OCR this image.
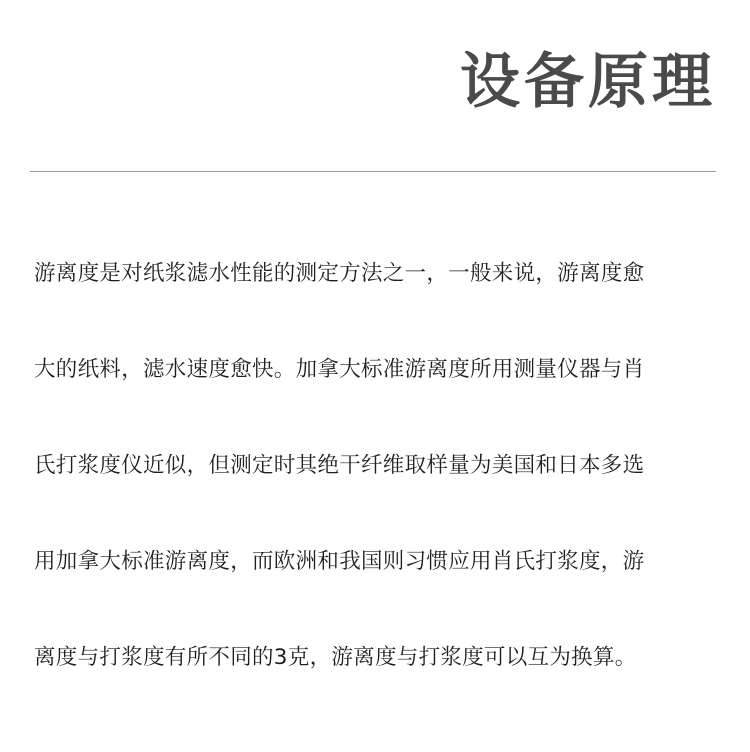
设备原理
游离度是对纸浆滤水性能的测定方法之一，一般来说，游离度愈
大的纸料，滤水速度愈快。加拿大标准游离度所用测量仪器与肖
氏打浆度仪近似，但测定时其绝干纤维取样量为美国和日本多选
用加拿大标准游离度，而欧洲和我国则习惯应用肖氏打浆度，游
离度与打浆度有所不同的3克，游离度与打浆度可以互为换算。
